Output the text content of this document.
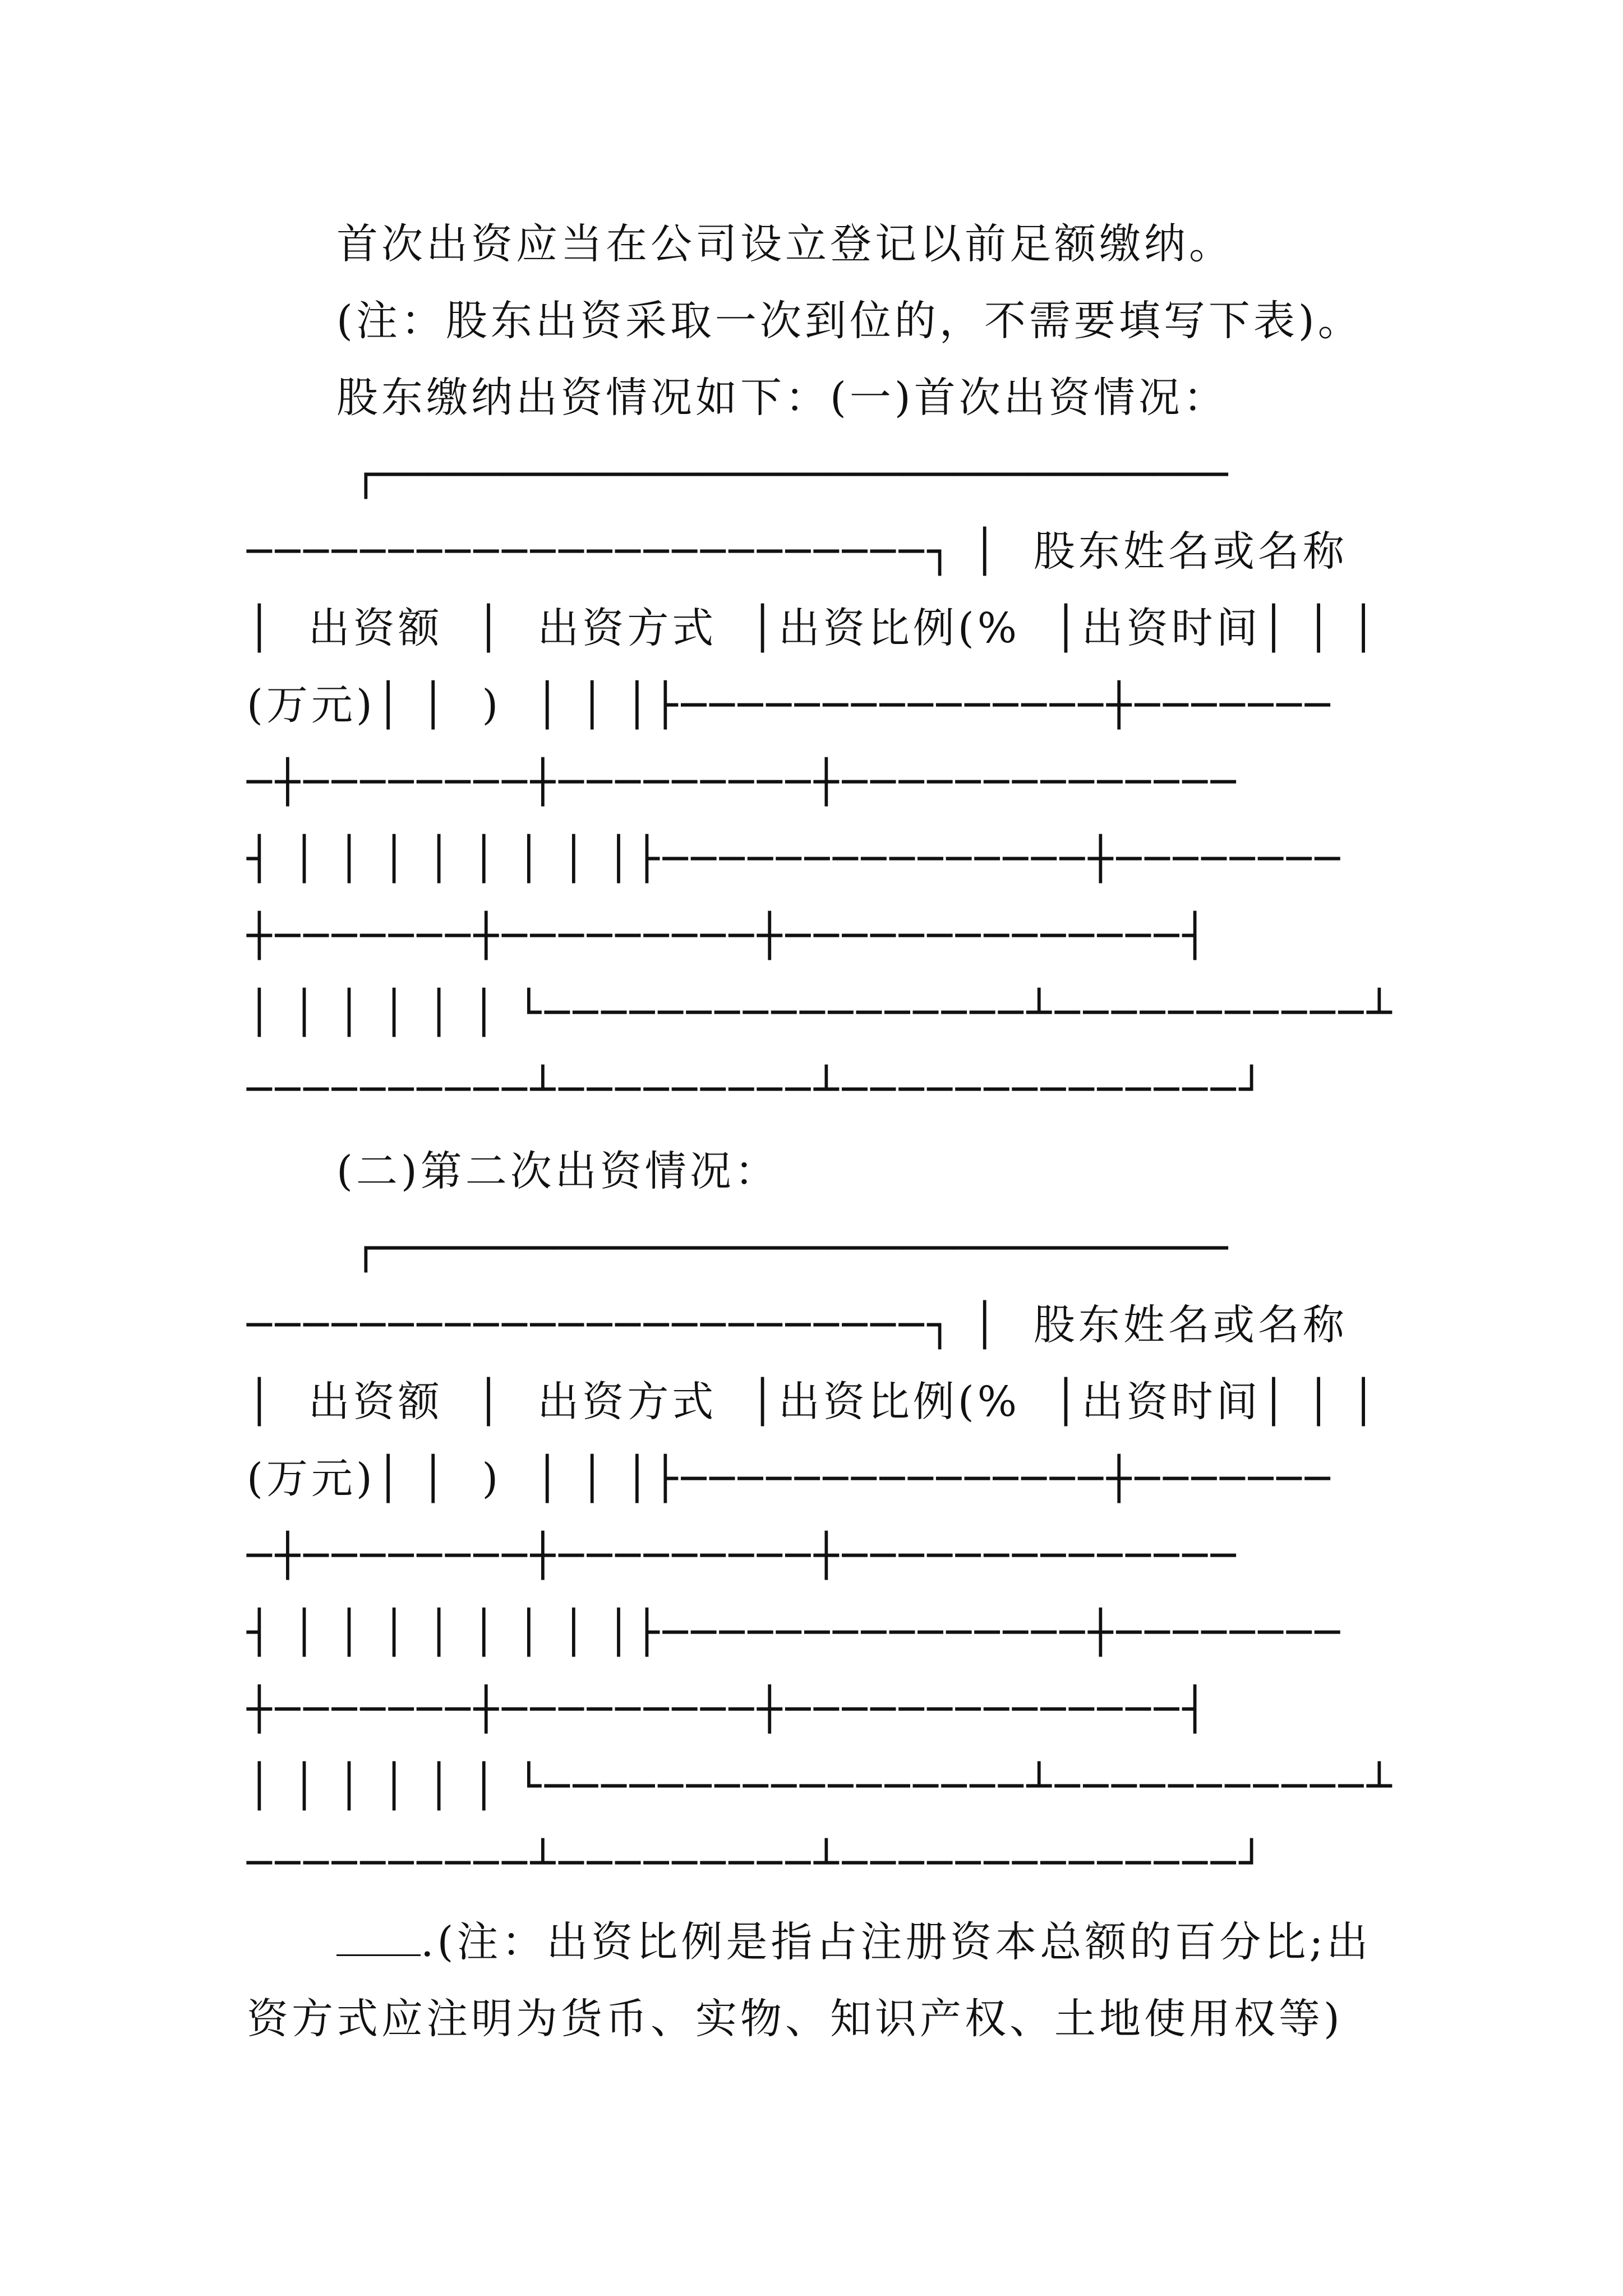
首次出资应当在公司设立登记以前足额缴纳。
(注：股东出资采取一次到位的，不需要填写下表)。
股东缴纳出资情况如下：(一)首次出资情况：
┌──────────────────────────────────
────────────────────────┐ │  股东姓名或名称
│  出资额  │  出资方式  │出资比例(%  │出资时间│ │ │
(万元)│ │  )  │ │ │├───────────────┼───────
─┼────────┼─────────┼──────────────
┤ │ │ │ │ │ │ │ │├───────────────┼────────
┼───────┼─────────┼──────────────┤
│ │ │ │ │ │ └─────────────────┴───────────┴
──────────┴─────────┴──────────────┘
(二)第二次出资情况：
┌──────────────────────────────────
────────────────────────┐ │  股东姓名或名称
│  出资额  │  出资方式  │出资比例(%  │出资时间│ │ │
(万元)│ │  )  │ │ │├───────────────┼───────
─┼────────┼─────────┼──────────────
┤ │ │ │ │ │ │ │ │├───────────────┼────────
┼───────┼─────────┼──────────────┤
│ │ │ │ │ │ └─────────────────┴───────────┴
──────────┴─────────┴──────────────┘
.(注：出资比例是指占注册资本总额的百分比;出
资方式应注明为货币、实物、知识产权、土地使用权等)
